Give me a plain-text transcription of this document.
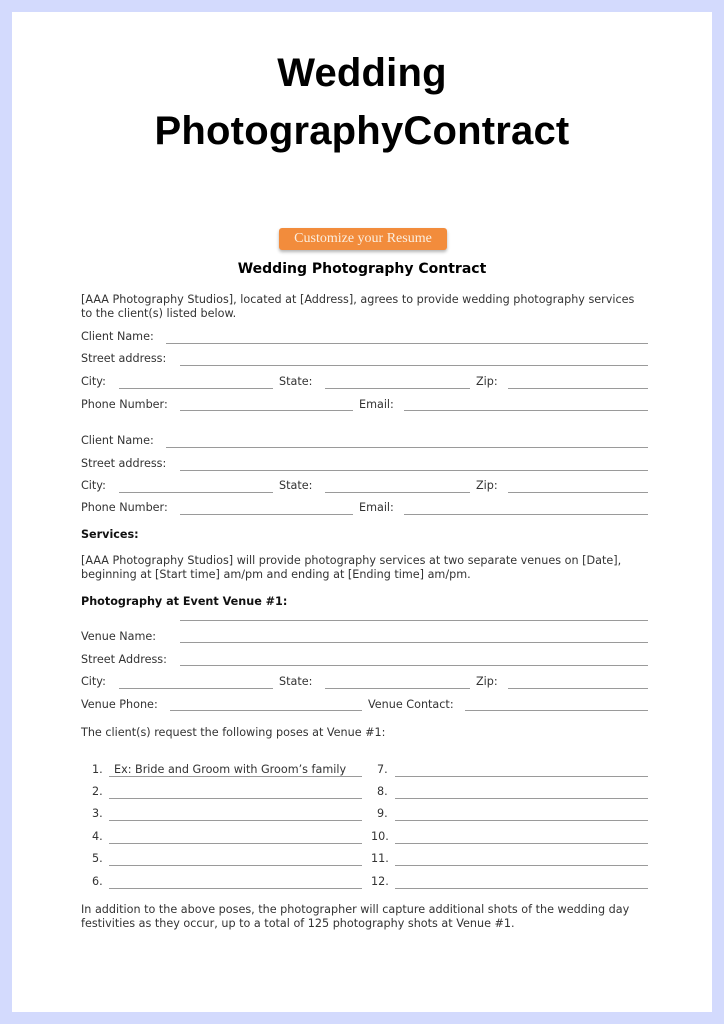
Wedding
PhotographyContract
Customize your Resume
Wedding Photography Contract
[AAA Photography Studios], located at [Address], agrees to provide wedding photography services to the client(s) listed below.
Client Name:
Street address:
City:	State:	Zip:
Phone Number:	Email:
Client Name:
Street address:
City:	State:	Zip:
Phone Number:	Email:
Services:
[AAA Photography Studios] will provide photography services at two separate venues on [Date], beginning at [Start time] am/pm and ending at [Ending time] am/pm.
Photography at Event Venue #1:
Venue Name:
Street Address:
City:	State:	Zip:
Venue Phone:	Venue Contact:
The client(s) request the following poses at Venue #1:
1. Ex: Bride and Groom with Groom’s family
2.
3.
4.
5.
6.
7.
8.
9.
10.
11.
12.
In addition to the above poses, the photographer will capture additional shots of the wedding day festivities as they occur, up to a total of 125 photography shots at Venue #1.
